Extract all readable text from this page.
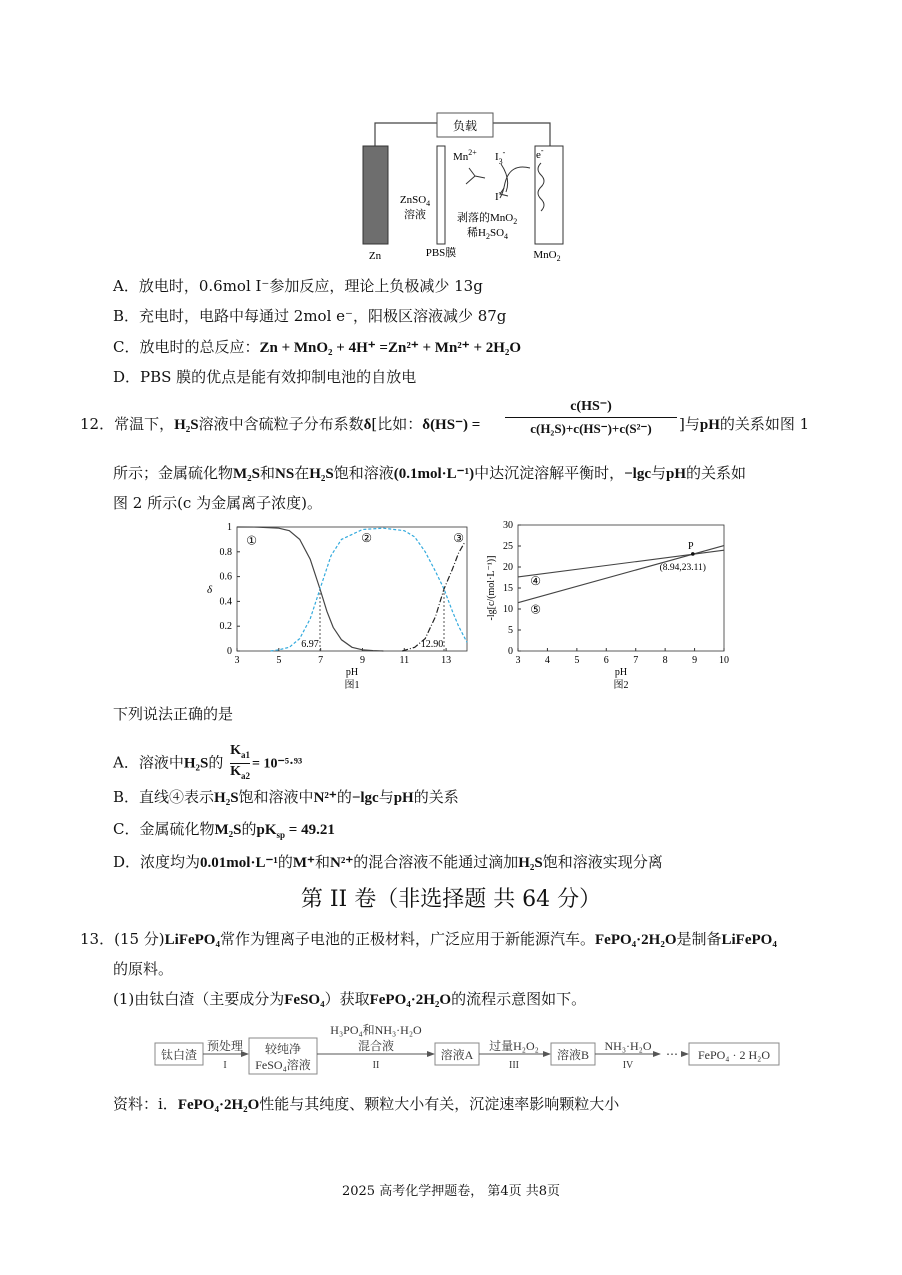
负载
Zn
ZnSO$_4$
溶液
PBS膜	MnO$_2$
$Mn^{2+}$ $I_3^-$
I-
e-
剥落的MnO$_2$
稀$H_2SO_4$
A．放电时，0.6mol I⁻参加反应，理论上负极减少 13g
B．充电时，电路中每通过 2mol e⁻，阳极区溶液减少 87g
C．放电时的总反应：Zn + MnO₂ + 4H⁺ =Zn²⁺ + Mn²⁺ + 2H₂O
D．PBS 膜的优点是能有效抑制电池的自放电
12．常温下，H₂S溶液中含硫粒子分布系数δ[比如：δ(HS⁻) =
c(HS⁻)
c(H₂S)+c(HS⁻)+c(S²⁻)	]与pH的关系如图 1
所示；金属硫化物M₂S和NS在H₂S饱和溶液(0.1mol·L⁻¹)中达沉淀溶解平衡时，−lgc与pH的关系如
图 2 所示(c 为金属离子浓度)。
3	5	7	9	11	13
0
0.2
0.4
0.6
0.8
1
pH
图1
δ
①	②	③
6.97	12.90
3 4 5 6 7 8 9 10
0
5
10
15
20
25
30
pH
图2
-lg[c/(mol·L⁻¹)]	④
⑤
P
(8.94,23.11)
下列说法正确的是
A．溶液中H₂S的 $\frac{K_{a1}}{K_{a2}} = 10^{-5}\cdot^{93}$
B．直线④表示H₂S饱和溶液中N²⁺的−lgc与pH的关系
C．金属硫化物M₂S的$pK_{sp} = 49.21$
D．浓度均为0.01mol·L⁻¹的M⁺和N²⁺的混合溶液不能通过滴加H₂S饱和溶液实现分离
第 II 卷（非选择题 共 64 分）
13．(15 分)LiFePO₄常作为锂离子电池的正极材料，广泛应用于新能源汽车。FePO₄·2H₂O是制备LiFePO₄
的原料。
(1)由钛白渣（主要成分为FeSO₄）获取FePO₄·2H₂O的流程示意图如下。
钛白渣
预处理
I
较纯净
FeSO₄溶液
H₃PO₄和NH₃·H₂O
混合液
II
溶液A
过量H₂O₂
III
溶液B
NH₃·H₂O
IV
⋯ FePO₄ · 2 H₂O
资料：i．FePO₄·2H₂O性能与其纯度、颗粒大小有关，沉淀速率影响颗粒大小
2025 高考化学押题卷， 第4页 共8页
